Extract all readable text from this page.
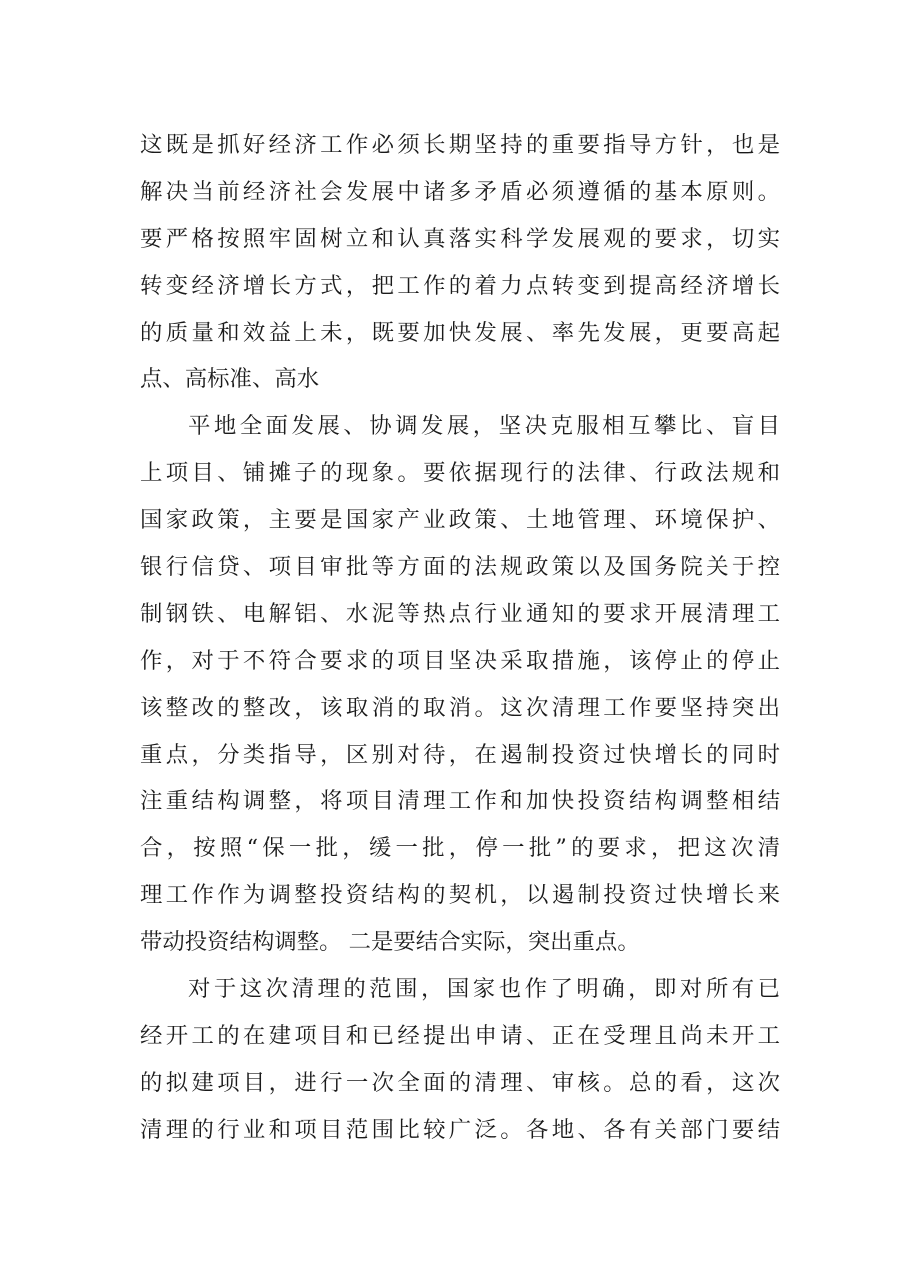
这既是抓好经济工作必须长期坚持的重要指导方针，也是
解决当前经济社会发展中诸多矛盾必须遵循的基本原则。
要严格按照牢固树立和认真落实科学发展观的要求，切实
转变经济增长方式，把工作的着力点转变到提高经济增长
的质量和效益上未，既要加快发展、率先发展，更要高起
点、高标准、高水
平地全面发展、协调发展，坚决克服相互攀比、盲目
上项目、铺摊子的现象。要依据现行的法律、行政法规和
国家政策，主要是国家产业政策、土地管理、环境保护、
银行信贷、项目审批等方面的法规政策以及国务院关于控
制钢铁、电解铝、水泥等热点行业通知的要求开展清理工
作，对于不符合要求的项目坚决采取措施，该停止的停止
该整改的整改，该取消的取消。这次清理工作要坚持突出
重点，分类指导，区别对待，在遏制投资过快增长的同时
注重结构调整，将项目清理工作和加快投资结构调整相结
合，按照“保一批，缓一批，停一批”的要求，把这次清
理工作作为调整投资结构的契机，以遏制投资过快增长来
带动投资结构调整。 二是要结合实际，突出重点。
对于这次清理的范围，国家也作了明确，即对所有已
经开工的在建项目和已经提出申请、正在受理且尚未开工
的拟建项目，进行一次全面的清理、审核。总的看，这次
清理的行业和项目范围比较广泛。各地、各有关部门要结
